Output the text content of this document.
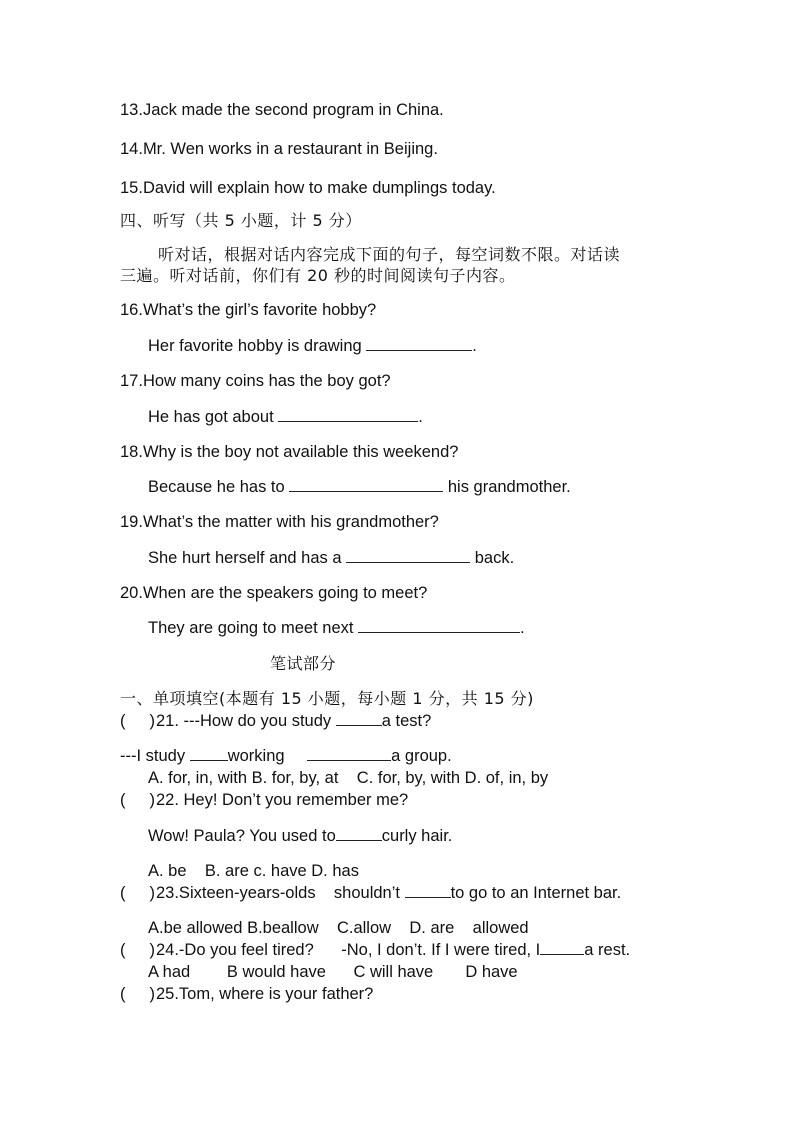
13.Jack made the second program in China.
14.Mr. Wen works in a restaurant in Beijing.
15.David will explain how to make dumplings today.
四、听写（共 5 小题，计 5 分）
听对话，根据对话内容完成下面的句子，每空词数不限。对话读
三遍。听对话前，你们有 20 秒的时间阅读句子内容。
16.What’s the girl’s favorite hobby?
Her favorite hobby is drawing	.
17.How many coins has the boy got?
He has got about	.
18.Why is the boy not available this weekend?
Because he has to	his grandmother.
19.What’s the matter with his grandmother?
She hurt herself and has a	back.
20.When are the speakers going to meet?
They are going to meet next	.
笔试部分
一、单项填空(本题有 15 小题，每小题 1 分，共 15 分)
( )21. ---How do you study	a test?
---I study working	a group.
A. for, in, with B. for, by, at    C. for, by, with D. of, in, by
( )22. Hey! Don’t you remember me?
Wow! Paula? You used to	curly hair.
A. be    B. are c. have D. has
( )23.Sixteen-years-olds    shouldn’t	to go to an Internet bar.
A.be allowed B.beallow    C.allow    D. are    allowed
( )24.-Do you feel tired?      -No, I don’t. If I were tired, I	a rest.
A had        B would have      C will have       D have
( )25.Tom, where is your father?
